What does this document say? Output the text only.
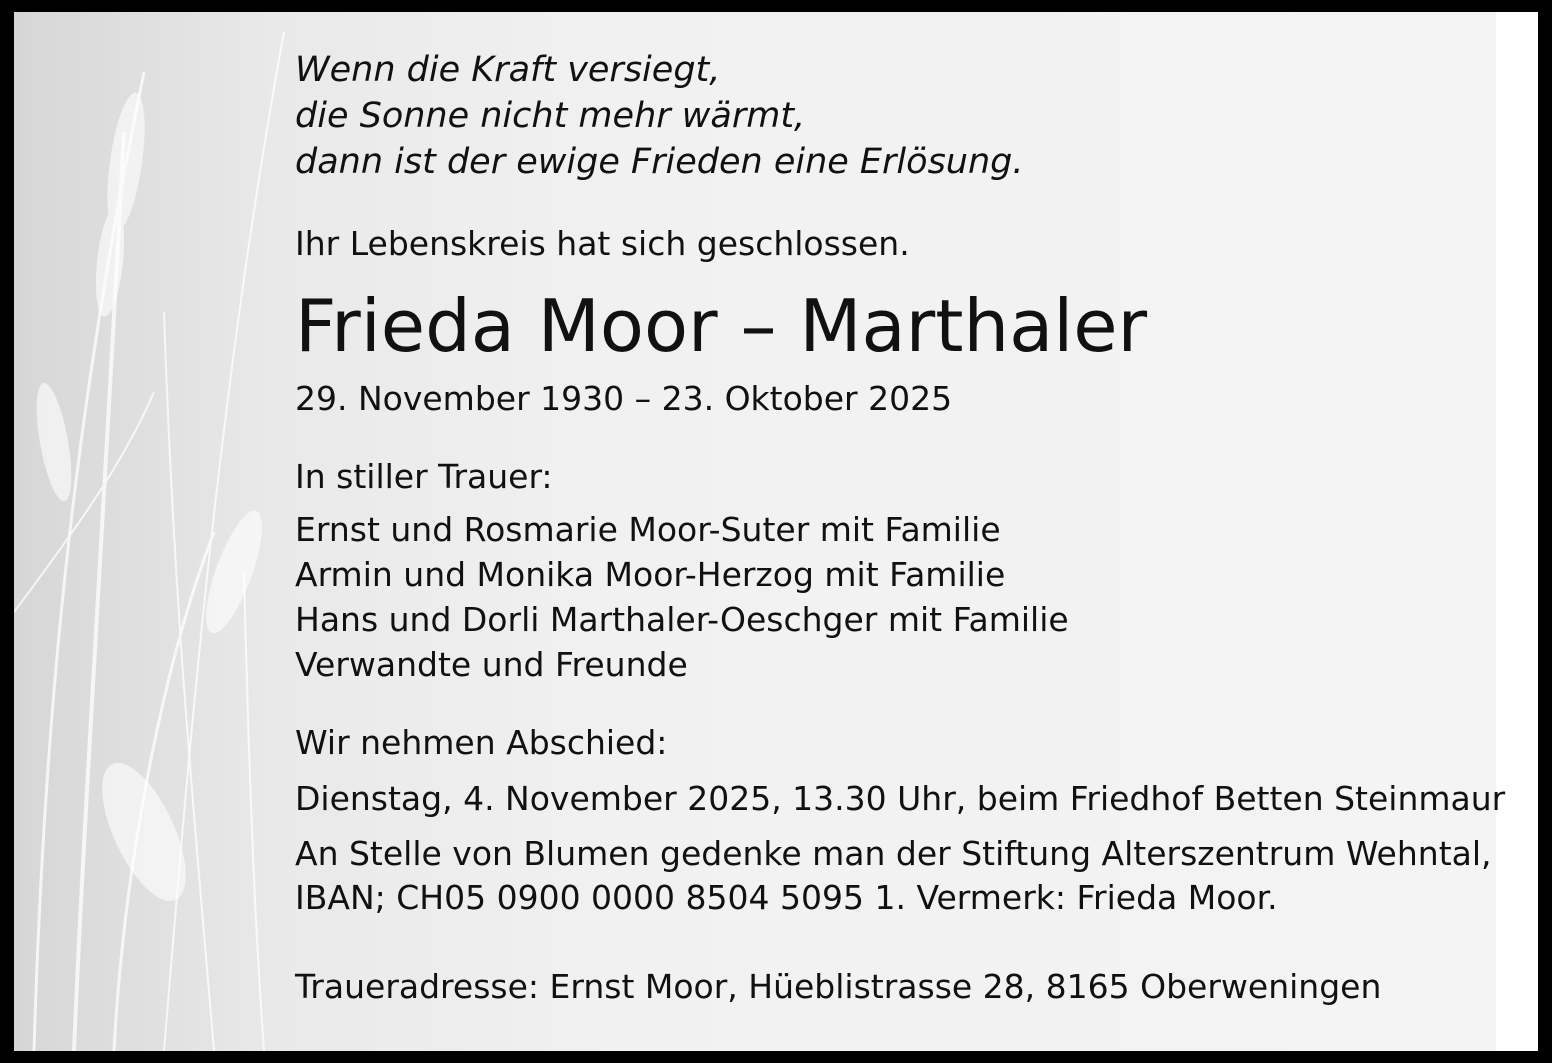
Wenn die Kraft versiegt,
die Sonne nicht mehr wärmt,
dann ist der ewige Frieden eine Erlösung.
Ihr Lebenskreis hat sich geschlossen.
Frieda Moor – Marthaler
29. November 1930 – 23. Oktober 2025
In stiller Trauer:
Ernst und Rosmarie Moor-Suter mit Familie
Armin und Monika Moor-Herzog mit Familie
Hans und Dorli Marthaler-Oeschger mit Familie
Verwandte und Freunde
Wir nehmen Abschied:
Dienstag, 4. November 2025, 13.30 Uhr, beim Friedhof Betten Steinmaur
An Stelle von Blumen gedenke man der Stiftung Alterszentrum Wehntal,
IBAN; CH05 0900 0000 8504 5095 1. Vermerk: Frieda Moor.
Traueradresse: Ernst Moor, Hüeblistrasse 28, 8165 Oberweningen
